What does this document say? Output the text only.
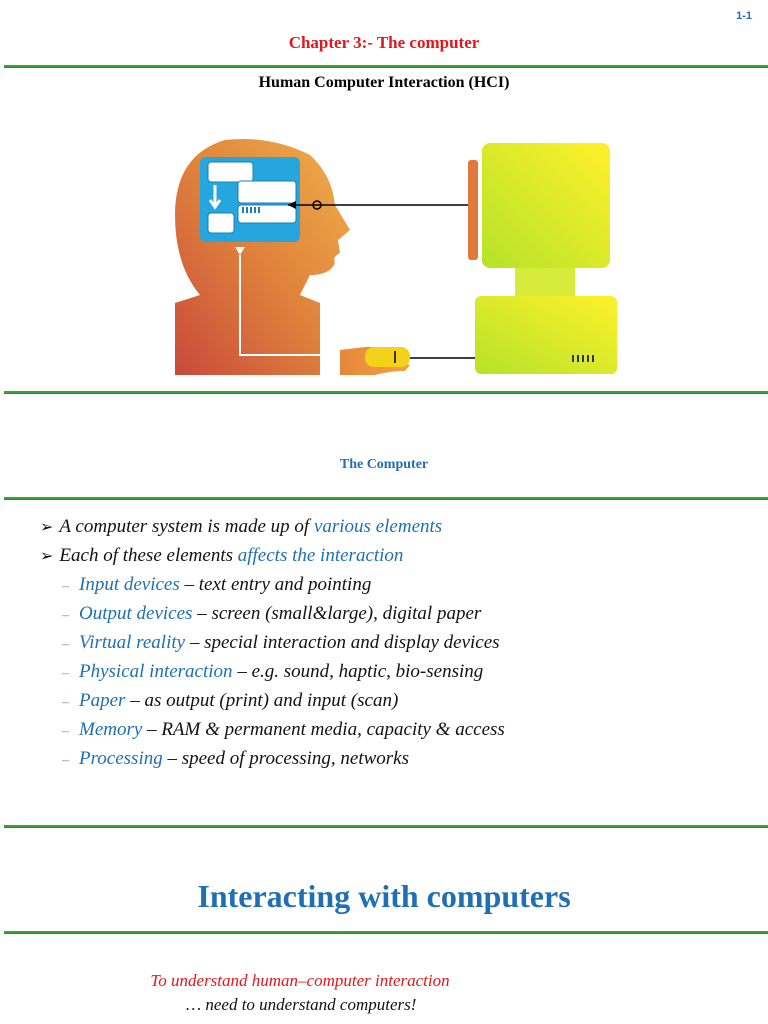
1-1
Chapter 3:- The computer
Human Computer Interaction (HCI)
The Computer
➢ A computer system is made up of various elements
➢ Each of these elements affects the interaction
– Input devices – text entry and pointing
– Output devices – screen (small&large), digital paper
– Virtual reality – special interaction and display devices
– Physical interaction – e.g. sound, haptic, bio-sensing
– Paper – as output (print) and input (scan)
– Memory – RAM & permanent media, capacity & access
– Processing – speed of processing, networks
Interacting with computers
To understand human–computer interaction
… need to understand computers!
